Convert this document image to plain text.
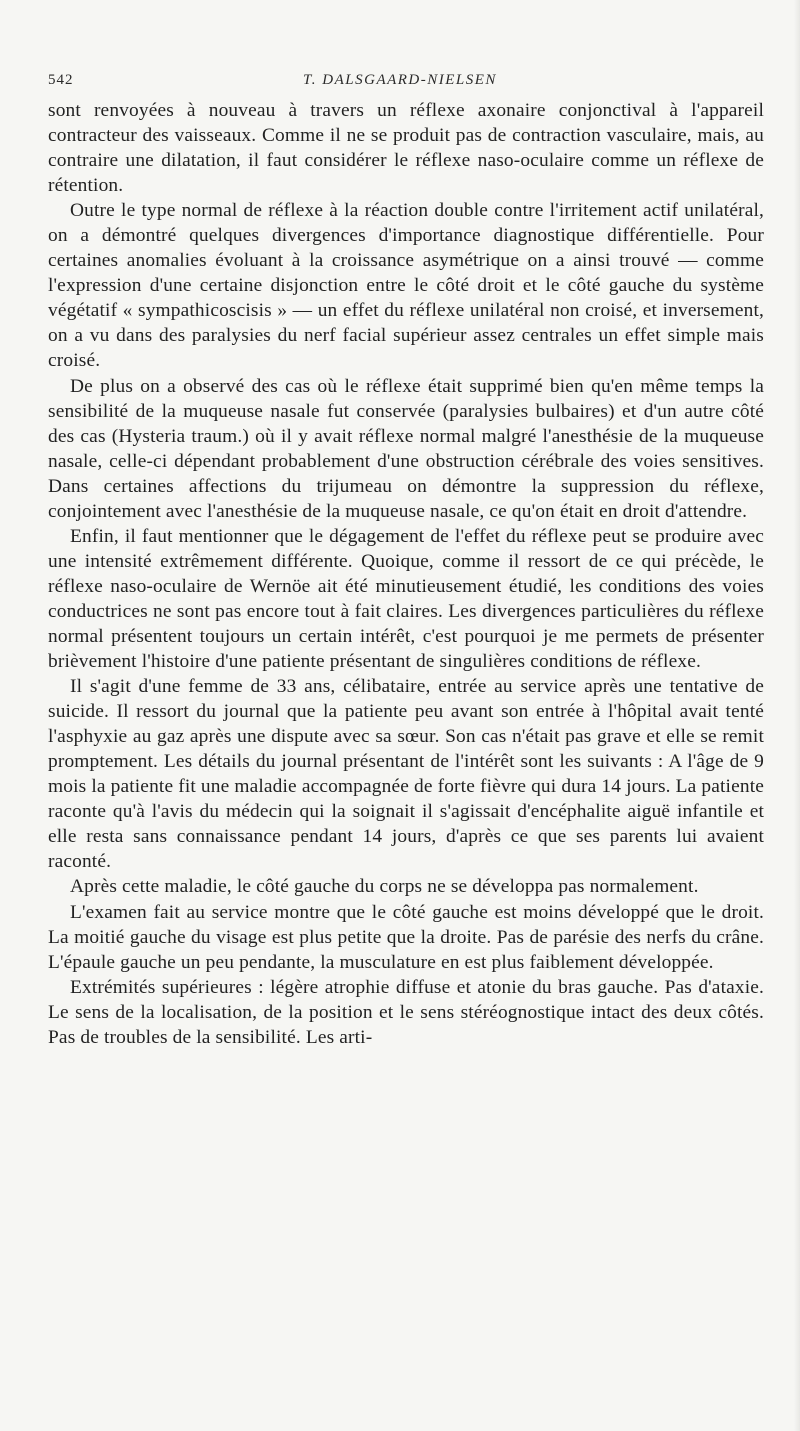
542	T. DALSGAARD-NIELSEN

sont renvoyées à nouveau à travers un réflexe axonaire conjonctival à l'appareil contracteur des vaisseaux. Comme il ne se produit pas de contraction vasculaire, mais, au contraire une dilatation, il faut considérer le réflexe naso-oculaire comme un réflexe de rétention.

Outre le type normal de réflexe à la réaction double contre l'irritement actif unilatéral, on a démontré quelques divergences d'importance diagnostique différentielle. Pour certaines anomalies évoluant à la croissance asymétrique on a ainsi trouvé — comme l'expression d'une certaine disjonction entre le côté droit et le côté gauche du système végétatif « sympathicoscisis » — un effet du réflexe unilatéral non croisé, et inversement, on a vu dans des paralysies du nerf facial supérieur assez centrales un effet simple mais croisé.

De plus on a observé des cas où le réflexe était supprimé bien qu'en même temps la sensibilité de la muqueuse nasale fut conservée (paralysies bulbaires) et d'un autre côté des cas (Hysteria traum.) où il y avait réflexe normal malgré l'anesthésie de la muqueuse nasale, celle-ci dépendant probablement d'une obstruction cérébrale des voies sensitives. Dans certaines affections du trijumeau on démontre la suppression du réflexe, conjointement avec l'anesthésie de la muqueuse nasale, ce qu'on était en droit d'attendre.

Enfin, il faut mentionner que le dégagement de l'effet du réflexe peut se produire avec une intensité extrêmement différente. Quoique, comme il ressort de ce qui précède, le réflexe naso-oculaire de Wernöe ait été minutieusement étudié, les conditions des voies conductrices ne sont pas encore tout à fait claires. Les divergences particulières du réflexe normal présentent toujours un certain intérêt, c'est pourquoi je me permets de présenter brièvement l'histoire d'une patiente présentant de singulières conditions de réflexe.

Il s'agit d'une femme de 33 ans, célibataire, entrée au service après une tentative de suicide. Il ressort du journal que la patiente peu avant son entrée à l'hôpital avait tenté l'asphyxie au gaz après une dispute avec sa sœur. Son cas n'était pas grave et elle se remit promptement. Les détails du journal présentant de l'intérêt sont les suivants : A l'âge de 9 mois la patiente fit une maladie accompagnée de forte fièvre qui dura 14 jours. La patiente raconte qu'à l'avis du médecin qui la soignait il s'agissait d'encéphalite aiguë infantile et elle resta sans connaissance pendant 14 jours, d'après ce que ses parents lui avaient raconté.

Après cette maladie, le côté gauche du corps ne se développa pas normalement.

L'examen fait au service montre que le côté gauche est moins développé que le droit. La moitié gauche du visage est plus petite que la droite. Pas de parésie des nerfs du crâne. L'épaule gauche un peu pendante, la musculature en est plus faiblement développée.

Extrémités supérieures : légère atrophie diffuse et atonie du bras gauche. Pas d'ataxie. Le sens de la localisation, de la position et le sens stéréognostique intact des deux côtés. Pas de troubles de la sensibilité. Les arti-
